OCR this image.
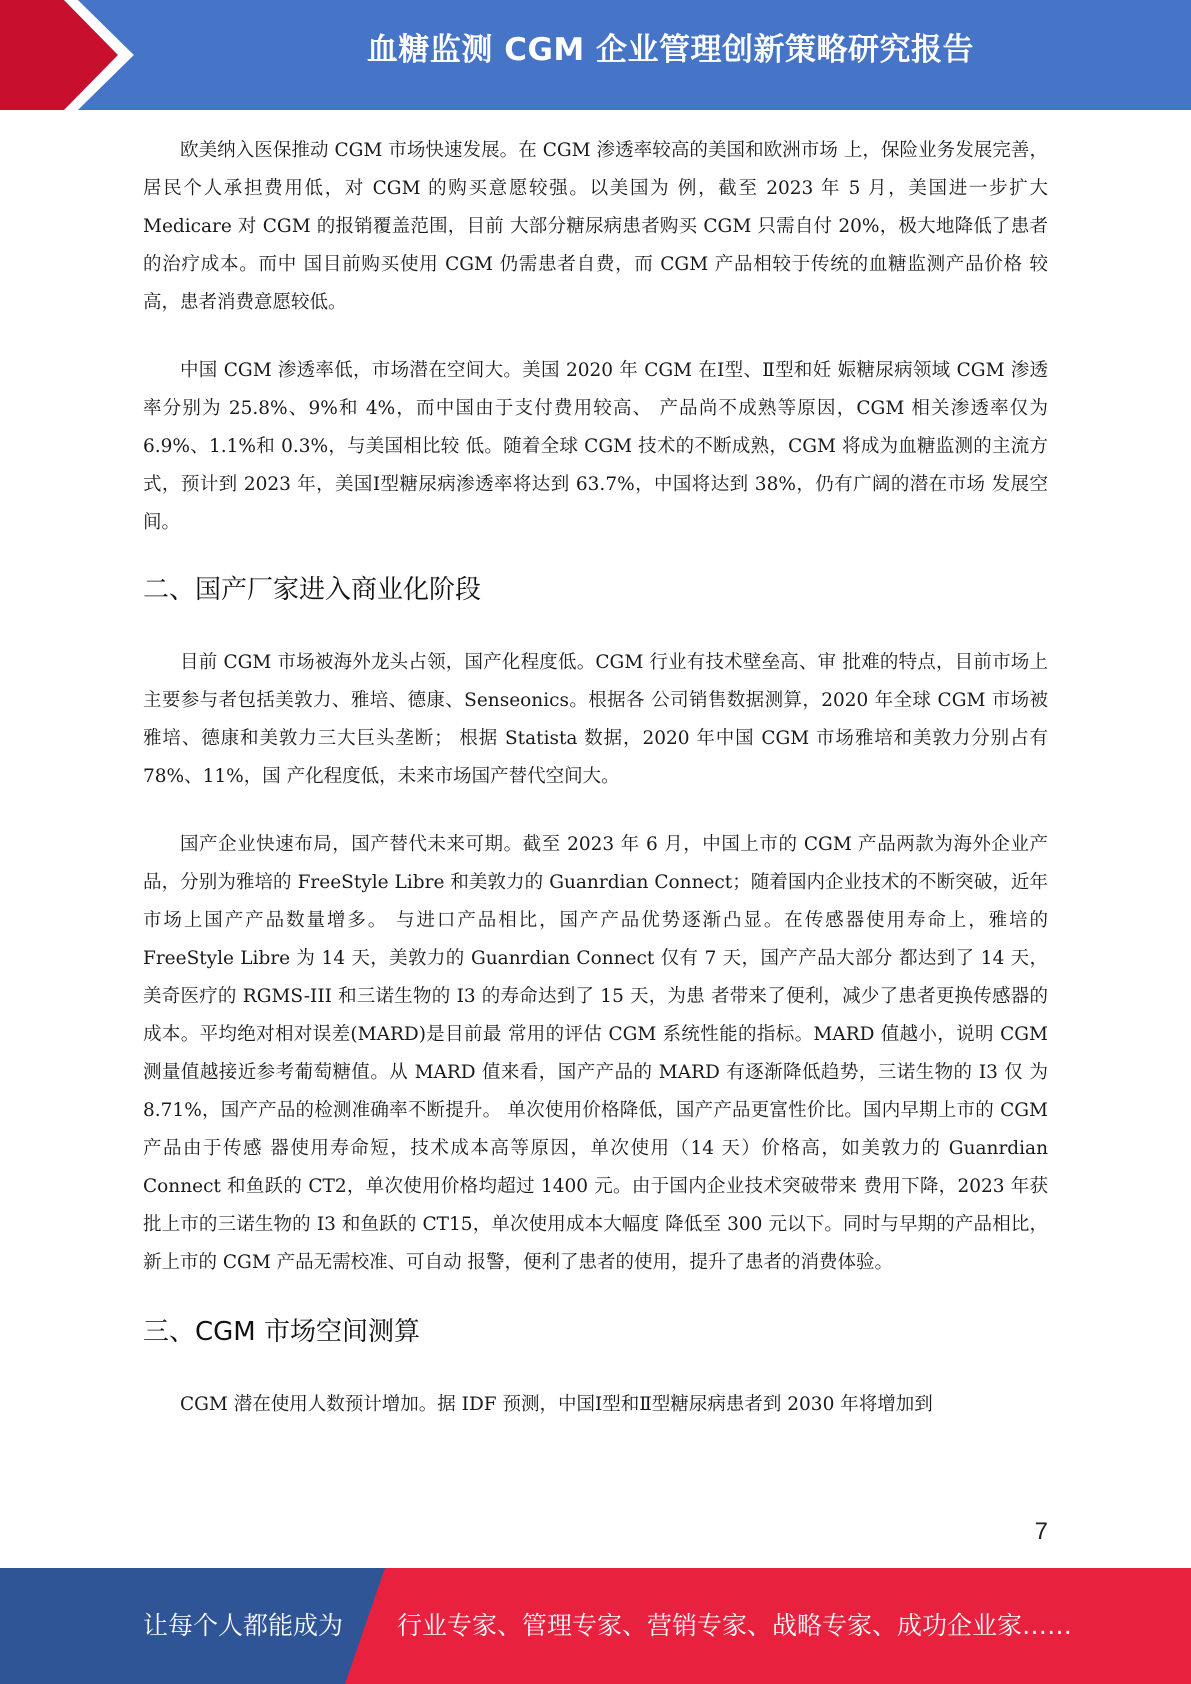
血糖监测 CGM 企业管理创新策略研究报告

欧美纳入医保推动 CGM 市场快速发展。在 CGM 渗透率较高的美国和欧洲市场 上，保险业务发展完善，居民个人承担费用低，对 CGM 的购买意愿较强。以美国为 例，截至 2023 年 5 月，美国进一步扩大 Medicare 对 CGM 的报销覆盖范围，目前 大部分糖尿病患者购买 CGM 只需自付 20%，极大地降低了患者的治疗成本。而中 国目前购买使用 CGM 仍需患者自费，而 CGM 产品相较于传统的血糖监测产品价格 较高，患者消费意愿较低。

中国 CGM 渗透率低，市场潜在空间大。美国 2020 年 CGM 在Ⅰ型、Ⅱ型和妊 娠糖尿病领域 CGM 渗透率分别为 25.8%、9%和 4%，而中国由于支付费用较高、 产品尚不成熟等原因，CGM 相关渗透率仅为 6.9%、1.1%和 0.3%，与美国相比较 低。随着全球 CGM 技术的不断成熟，CGM 将成为血糖监测的主流方式，预计到 2023 年，美国Ⅰ型糖尿病渗透率将达到 63.7%，中国将达到 38%，仍有广阔的潜在市场 发展空间。

二、国产厂家进入商业化阶段

目前 CGM 市场被海外龙头占领，国产化程度低。CGM 行业有技术壁垒高、审 批难的特点，目前市场上主要参与者包括美敦力、雅培、德康、Senseonics。根据各 公司销售数据测算，2020 年全球 CGM 市场被雅培、德康和美敦力三大巨头垄断； 根据 Statista 数据，2020 年中国 CGM 市场雅培和美敦力分别占有 78%、11%，国 产化程度低，未来市场国产替代空间大。

国产企业快速布局，国产替代未来可期。截至 2023 年 6 月，中国上市的 CGM 产品两款为海外企业产品，分别为雅培的 FreeStyle Libre 和美敦力的 Guanrdian Connect；随着国内企业技术的不断突破，近年市场上国产产品数量增多。 与进口产品相比，国产产品优势逐渐凸显。在传感器使用寿命上，雅培的 FreeStyle Libre 为 14 天，美敦力的 Guanrdian Connect 仅有 7 天，国产产品大部分 都达到了 14 天，美奇医疗的 RGMS-III 和三诺生物的 I3 的寿命达到了 15 天，为患 者带来了便利，减少了患者更换传感器的成本。平均绝对相对误差(MARD)是目前最 常用的评估 CGM 系统性能的指标。MARD 值越小，说明 CGM 测量值越接近参考葡萄糖值。从 MARD 值来看，国产产品的 MARD 有逐渐降低趋势，三诺生物的 I3 仅 为 8.71%，国产产品的检测准确率不断提升。 单次使用价格降低，国产产品更富性价比。国内早期上市的 CGM 产品由于传感 器使用寿命短，技术成本高等原因，单次使用（14 天）价格高，如美敦力的 Guanrdian Connect 和鱼跃的 CT2，单次使用价格均超过 1400 元。由于国内企业技术突破带来 费用下降，2023 年获批上市的三诺生物的 I3 和鱼跃的 CT15，单次使用成本大幅度 降低至 300 元以下。同时与早期的产品相比，新上市的 CGM 产品无需校准、可自动 报警，便利了患者的使用，提升了患者的消费体验。

三、CGM 市场空间测算

CGM 潜在使用人数预计增加。据 IDF 预测，中国Ⅰ型和Ⅱ型糖尿病患者到 2030 年将增加到

7
让每个人都能成为 行业专家、管理专家、营销专家、战略专家、成功企业家……
